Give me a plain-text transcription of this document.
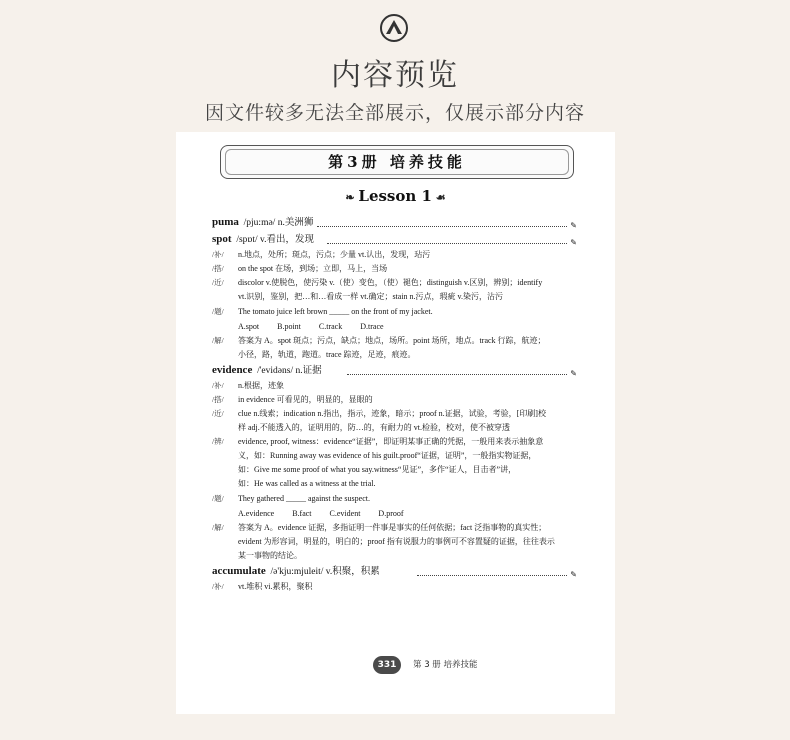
内容预览
因文件较多无法全部展示，仅展示部分内容
第3册 培养技能
❧ Lesson 1 ☙
puma /pju:mə/ n.美洲狮	✎
spot /spɒt/ v.看出，发现	✎
/补/ n.地点，处所；斑点，污点；少量 vt.认出，发现，玷污
/搭/ on the spot 在场，到场；立即，马上，当场
/近/ discolor v.使脱色，使污染 v.（使）变色，（使）褪色；distinguish v.区别，辨别；identify
vt.识别，鉴别，把…和…看成一样 vt.确定；stain n.污点，瑕疵 v.染污，沾污
/题/ The tomato juice left brown _____ on the front of my jacket.
A.spot B.point C.track D.trace
/解/ 答案为 A。spot 斑点；污点，缺点；地点，场所。point 场所，地点。track 行踪，航迹；
小径，路，轨道，跑道。trace 踪迹，足迹，痕迹。
evidence /'evidəns/ n.证据	✎
/补/ n.根据，迹象
/搭/ in evidence 可看见的，明显的，显眼的
/近/ clue n.线索；indication n.指出，指示，迹象，暗示；proof n.证据，试验，考验，[印刷]校
样 adj.不能透入的，证明用的，防…的，有耐力的 vt.检验，校对，使不被穿透
/辨/ evidence, proof, witness：evidence“证据”，即证明某事正确的凭据，一般用来表示抽象意
义，如：Running away was evidence of his guilt.proof“证据，证明”，一般指实物证据，
如：Give me some proof of what you say.witness“见证”，多作“证人，目击者”讲，
如：He was called as a witness at the trial.
/题/ They gathered _____ against the suspect.
A.evidence B.fact C.evident D.proof
/解/ 答案为 A。evidence 证据，多指证明一件事是事实的任何依据；fact 泛指事物的真实性；
evident 为形容词，明显的，明白的；proof 指有说服力的事例可不容置疑的证据，往往表示
某一事物的结论。
accumulate /ə'kju:mjuleit/ v.积聚，积累	✎
/补/ vt.堆积 vi.累积，聚积
331	第 3 册 培养技能
